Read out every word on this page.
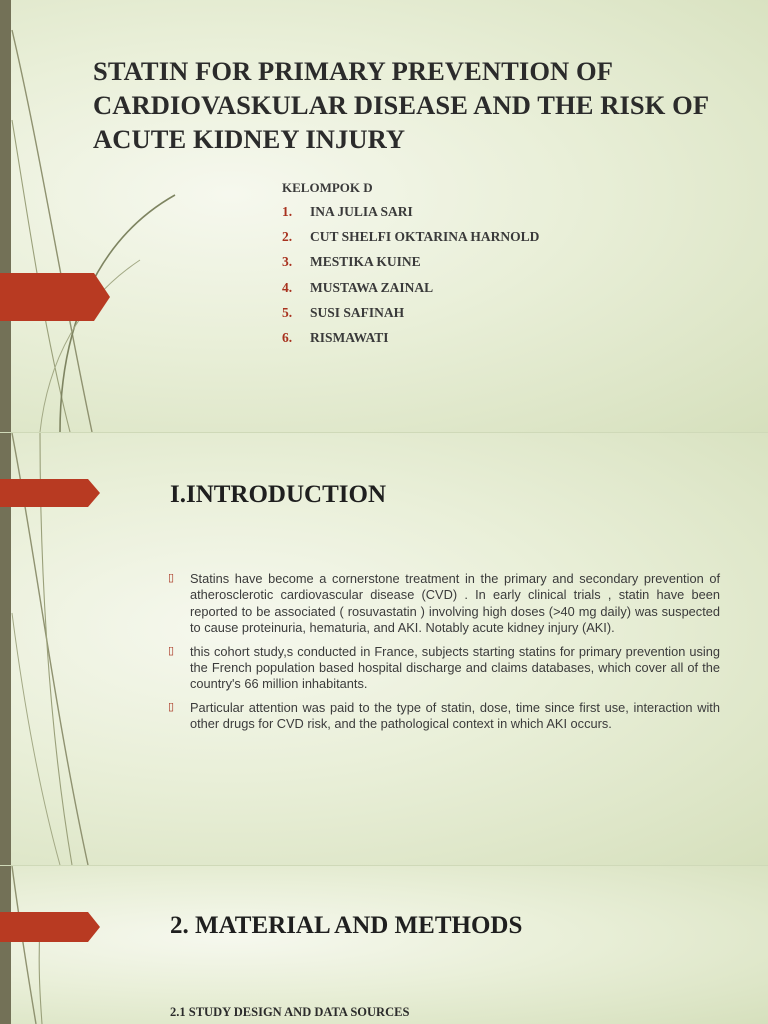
STATIN FOR PRIMARY PREVENTION OF CARDIOVASKULAR DISEASE AND THE RISK OF ACUTE KIDNEY INJURY
KELOMPOK D
1.	INA JULIA SARI
2.	CUT SHELFI OKTARINA HARNOLD
3.	MESTIKA KUINE
4.	MUSTAWA ZAINAL
5.	SUSI SAFINAH
6.	RISMAWATI
I.INTRODUCTION
▯	Statins have become a cornerstone treatment in the primary and secondary prevention of atherosclerotic cardiovascular disease (CVD) . In early clinical trials , statin have been reported to be associated ( rosuvastatin ) involving high doses (>40 mg daily) was suspected to cause proteinuria, hematuria, and AKI. Notably acute kidney injury (AKI).
▯	this cohort study,s conducted in France, subjects starting statins for primary prevention using the French population based hospital discharge and claims databases, which cover all of the country's 66 million inhabitants.
▯	Particular attention was paid to the type of statin, dose, time since first use, interaction with other drugs for CVD risk, and the pathological context in which AKI occurs.
2. MATERIAL AND METHODS
2.1 STUDY DESIGN AND DATA SOURCES
